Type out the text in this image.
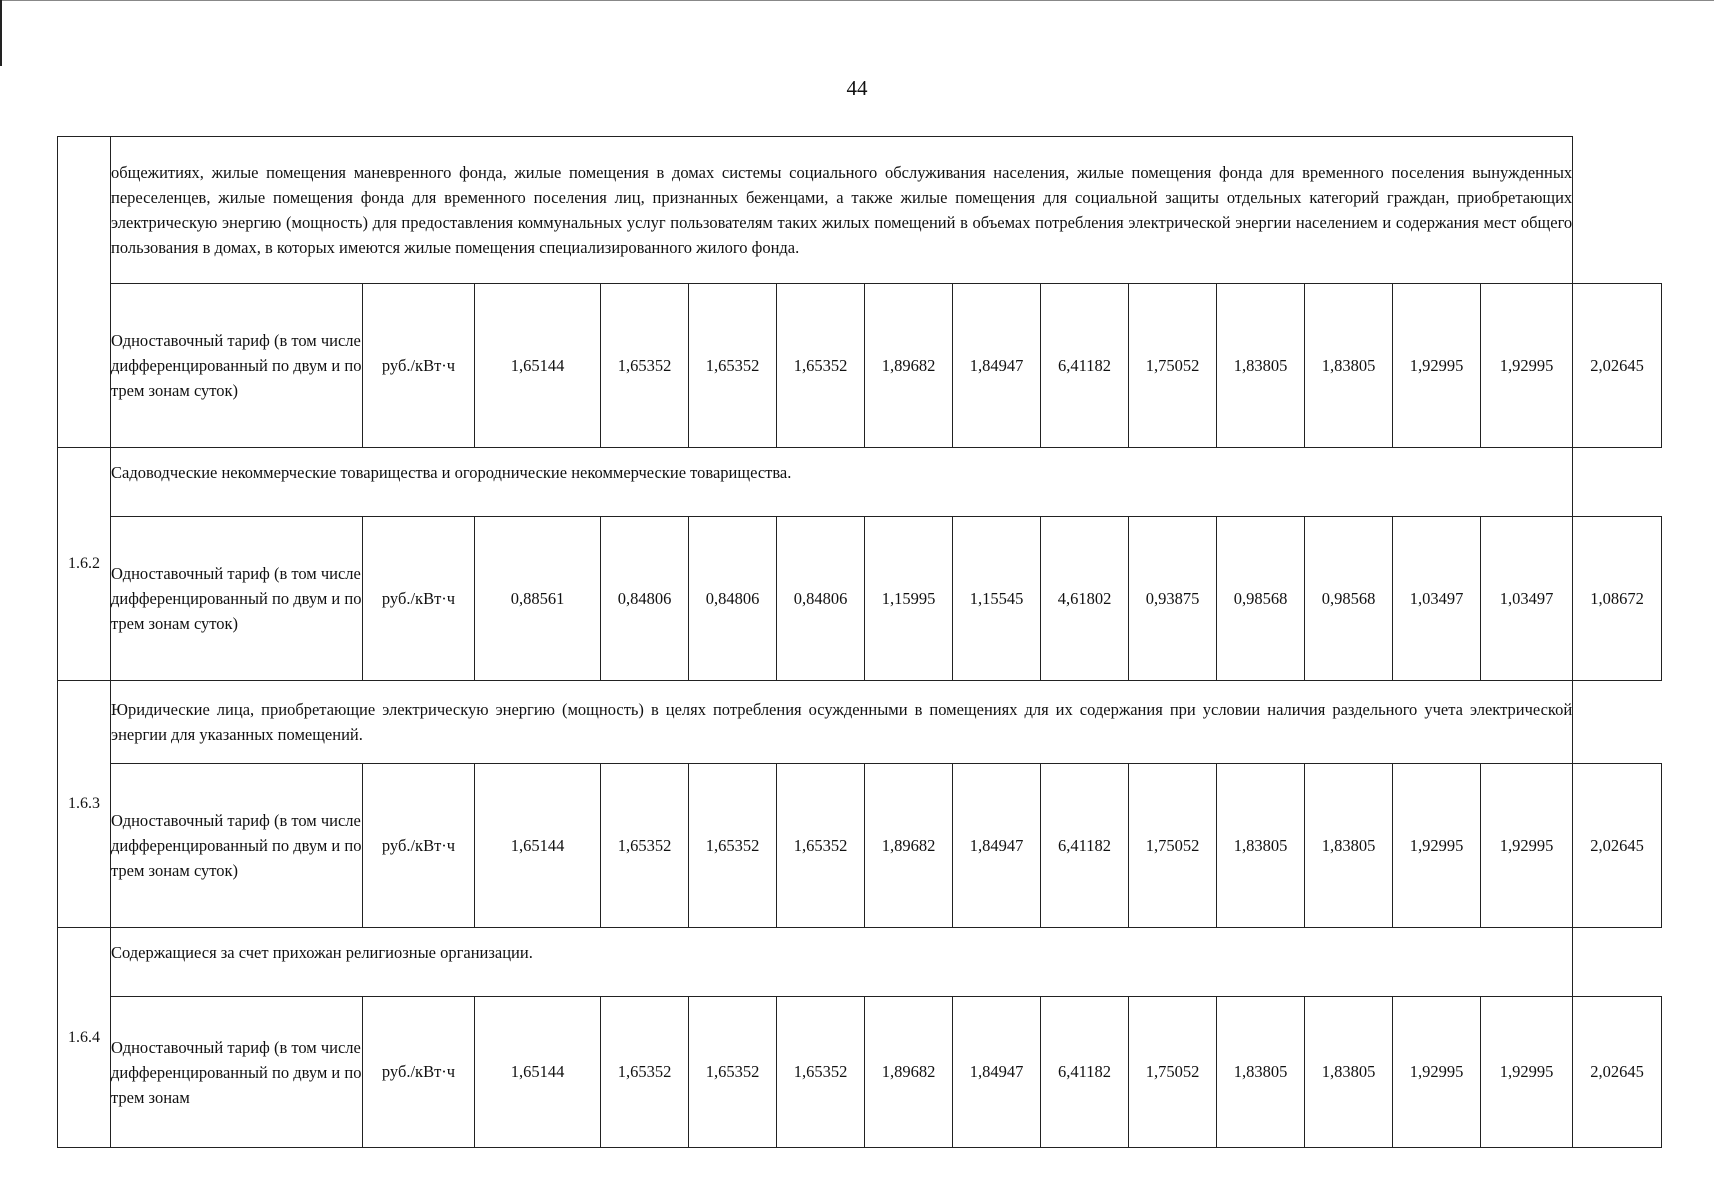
44
	общежитиях, жилые помещения маневренного фонда, жилые помещения в домах системы социального обслуживания населения, жилые помещения фонда для временного поселения вынужденных переселенцев, жилые помещения фонда для временного поселения лиц, признанных беженцами, а также жилые помещения для социальной защиты отдельных категорий граждан, приобретающих электрическую энергию (мощность) для предоставления коммунальных услуг пользователям таких жилых помещений в объемах потребления электрической энергии населением и содержания мест общего пользования в домах, в которых имеются жилые помещения специализированного жилого фонда.														
	Одноставочный тариф (в том числе дифференцированный по двум и по трем зонам суток)	руб./кВт·ч	1,65144	1,65352	1,65352	1,65352	1,89682	1,84947	6,41182	1,75052	1,83805	1,83805	1,92995	1,92995	2,02645
1.6.2	Садоводческие некоммерческие товарищества и огороднические некоммерческие товарищества.														
	Одноставочный тариф (в том числе дифференцированный по двум и по трем зонам суток)	руб./кВт·ч	0,88561	0,84806	0,84806	0,84806	1,15995	1,15545	4,61802	0,93875	0,98568	0,98568	1,03497	1,03497	1,08672
1.6.3	Юридические лица, приобретающие электрическую энергию (мощность) в целях потребления осужденными в помещениях для их содержания при условии наличия раздельного учета электрической энергии для указанных помещений.														
	Одноставочный тариф (в том числе дифференцированный по двум и по трем зонам суток)	руб./кВт·ч	1,65144	1,65352	1,65352	1,65352	1,89682	1,84947	6,41182	1,75052	1,83805	1,83805	1,92995	1,92995	2,02645
1.6.4	Содержащиеся за счет прихожан религиозные организации.														
	Одноставочный тариф (в том числе дифференцированный по двум и по трем зонам	руб./кВт·ч	1,65144	1,65352	1,65352	1,65352	1,89682	1,84947	6,41182	1,75052	1,83805	1,83805	1,92995	1,92995	2,02645
